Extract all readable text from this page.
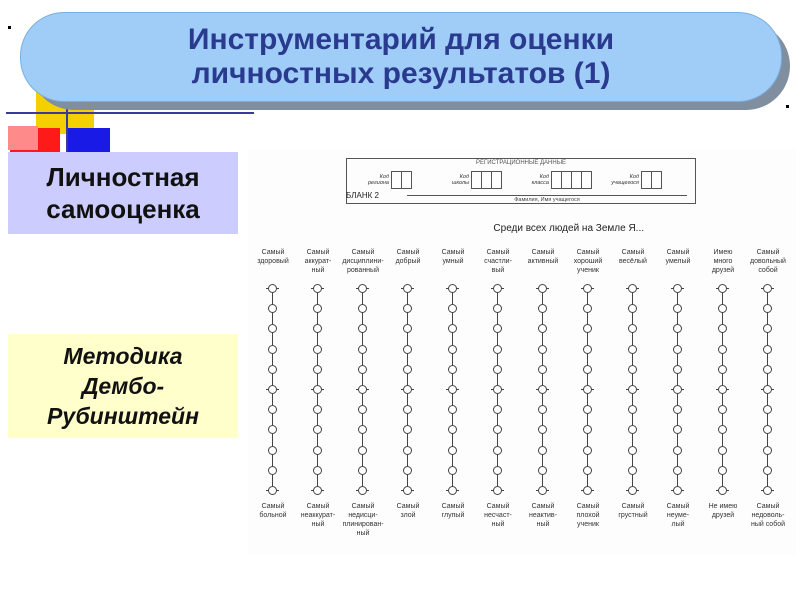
Инструментарий для оценки
личностных результатов (1)
Личностная
самооценка
Методика
Дембо-
Рубинштейн
РЕГИСТРАЦИОННЫЕ ДАННЫЕ
Код
региона
Код
школы
Код
класса
Код
учащегося
Фамилия, Имя учащегося
БЛАНК 2
Среди всех людей на Земле Я...
Самый
здоровый
Самый
больной
Самый
аккурат-
ный
Самый
неаккурат-
ный
Самый
дисциплини-
рованный
Самый
недисци-
плинирован-
ный
Самый
добрый
Самый
злой
Самый
умный
Самый
глупый
Самый
счастли-
вый
Самый
несчаст-
ный
Самый
активный
Самый
неактив-
ный
Самый
хороший
ученик
Самый
плохой
ученик
Самый
весёлый
Самый
грустный
Самый
умелый
Самый
неуме-
лый
Имею
много
друзей
Не имею
друзей
Самый
довольный
собой
Самый
недоволь-
ный собой
